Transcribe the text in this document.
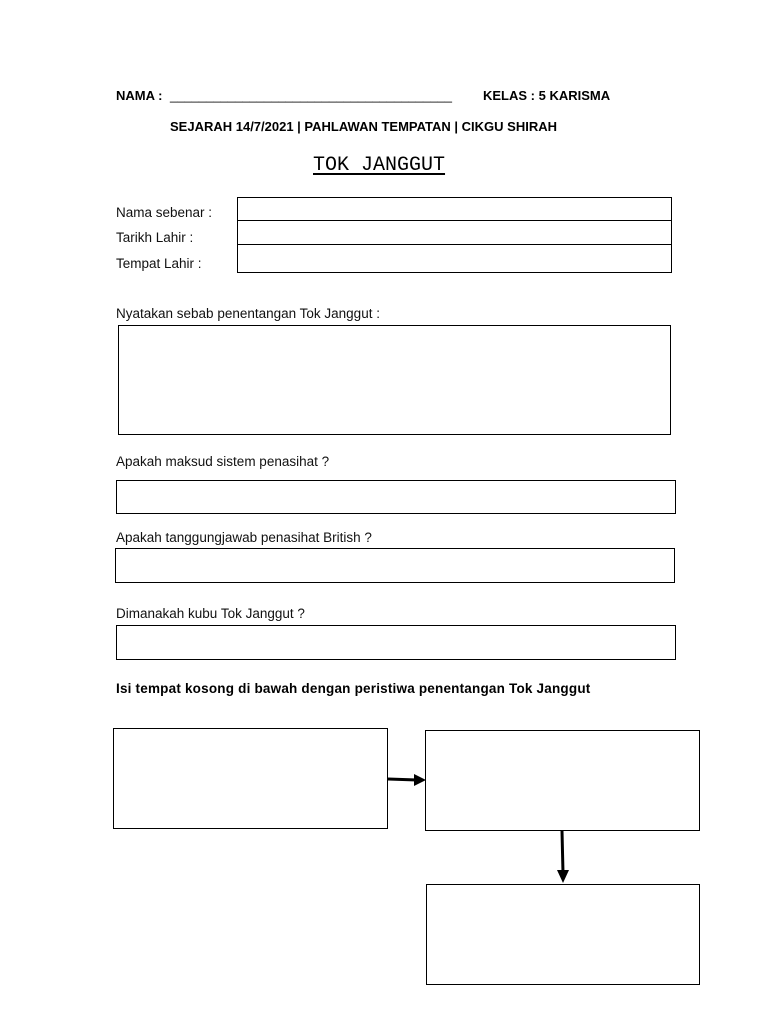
NAMA : _______________________________________ KELAS : 5 KARISMA
SEJARAH 14/7/2021 | PAHLAWAN TEMPATAN | CIKGU SHIRAH
TOK JANGGUT
Nama sebenar :
Tarikh Lahir :
Tempat Lahir :
Nyatakan sebab penentangan Tok Janggut :
Apakah maksud sistem penasihat ?
Apakah tanggungjawab penasihat British ?
Dimanakah kubu Tok Janggut ?
Isi tempat kosong di bawah dengan peristiwa penentangan Tok Janggut
